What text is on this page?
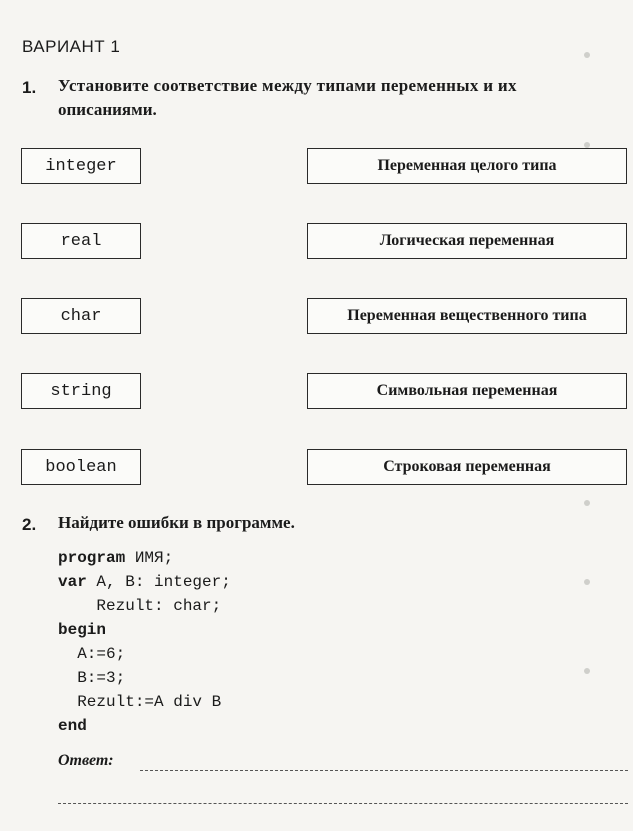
ВАРИАНТ 1
1. Установите соответствие между типами переменных и их
описаниями.
integer
real
char
string
boolean
Переменная целого типа
Логическая переменная
Переменная вещественного типа
Символьная переменная
Строковая переменная
2. Найдите ошибки в программе.
program ИМЯ;
var A, B: integer;
Rezult: char;
begin
A:=6;
B:=3;
Rezult:=A div B
end
Ответ:
